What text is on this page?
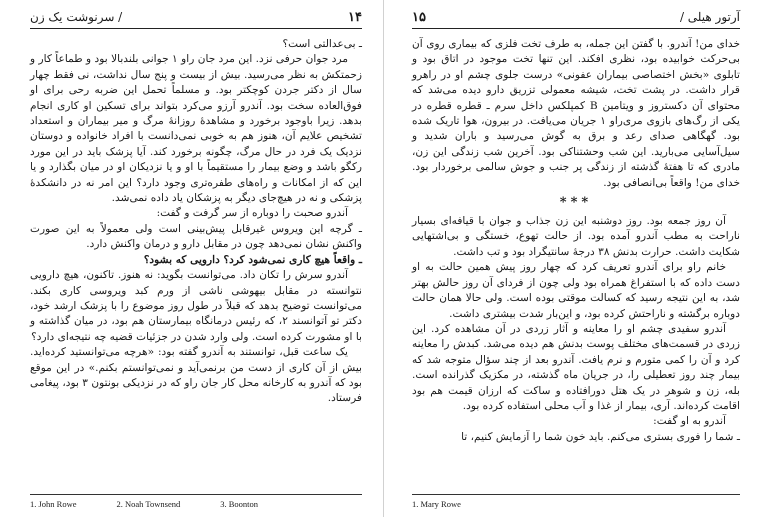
۱۴
/ سرنوشت یک زن

ـ بی‌عدالتی است؟

مرد جوان حرفی نزد. این مرد جان راو ۱ جوانی بلندبالا بود و طماعاً کار و زحمتکش به نظر می‌رسید. بیش از بیست و پنج سال نداشت، نی فقط چهار سال از دکتر جردن کوچکتر بود. و مسلماً تحمل این ضربه رحی برای او فوق‌العاده سخت بود. آندرو آرزو می‌کرد بتواند برای تسکین او کاری انجام بدهد. زیرا باوجود برخورد و مشاهدهٔ روزانهٔ مرگ و میر بیماران و استعداد تشخیص علایم آن، هنوز هم به خوبی نمی‌دانست با افراد خانواده و دوستان نزدیک یک فرد در حال مرگ، چگونه برخورد کند. آیا پزشک باید در این مورد رکگو باشد و وضع بیمار را مستقیماً با او و یا نزدیکان او در میان بگذارد و یا این که از امکانات و راه‌های طفره‌تری وجود دارد؟ این امر نه در دانشکدهٔ پزشکی و نه در هیچ‌جای دیگر به پزشکان یاد داده نمی‌شد.

آندرو صحبت را دوباره از سر گرفت و گفت:

ـ گرچه این ویروس غیرقابل پیش‌بینی است ولی معمولاً به این صورت واکنش نشان نمی‌دهد چون در مقابل دارو و درمان واکنش دارد.

ـ واقعاً هیچ کاری نمی‌شود کرد؟ دارویی که بشود؟

آندرو سرش را تکان داد. می‌توانست بگوید: نه هنوز. تاکنون، هیچ دارویی نتوانسته در مقابل بیهوشی ناشی از ورم کبد ویروسی کاری بکند. می‌توانست توضیح بدهد که قبلاً در طول روز موضوع را با پزشک ارشد خود، دکتر تو آتوانسند ۲، که رئیس درمانگاه بیمارستان هم بود، در میان گذاشته و با او مشورت کرده است. ولی وارد شدن در جزئیات قضیه چه نتیجه‌ای دارد؟

یک ساعت قبل، توانستند به آندرو گفته بود: «هرچه می‌توانستید کرده‌اید. بیش از آن کاری از دست من برنمی‌آید و نمی‌توانستم بکنم.» در این موقع بود که آندرو به کارخانه محل کار جان راو که در نزدیکی بونتون ۳ بود، پیغامی فرستاد.

1. John Rowe	2. Noah Townsend	3. Boonton
آرتور هیلی /
۱۵

خدای من! آندرو. با گفتن این جمله، به طرف تخت فلزی که بیماری روی آن بی‌حرکت خوابیده بود، نظری افکند. این تنها تخت موجود در اتاق بود و تابلوی «بخش اختصاصی بیماران عفونی» درست جلوی چشم او در راهرو قرار داشت. در پشت تخت، شیشه معمولی تزریق دارو دیده می‌شد که محتوای آن دکستروز و ویتامین B کمپلکس داخل سرم ـ قطره قطره در یکی از رگ‌های بازوی مری‌راو ۱ جریان می‌یافت. در بیرون، هوا تاریک شده بود. گهگاهی صدای رعد و برق به گوش می‌رسید و باران شدید و سیل‌آسایی می‌بارید. این شب وحشتناکی بود. آخرین شب زندگی این زن، مادری که تا هفتهٔ گذشته از زندگی پر جنب و جوش سالمی برخوردار بود. خدای من! واقعاً بی‌انصافی بود.

***

آن روز جمعه بود. روز دوشنبه این زن جذاب و جوان با قیافه‌ای بسیار ناراحت به مطب آندرو آمده بود. از حالت تهوع، خستگی و بی‌اشتهایی شکایت داشت. حرارت بدنش ۳۸ درجهٔ سانتیگراد بود و تب داشت.

خانم راو برای آندرو تعریف کرد که چهار روز پیش همین حالت به او دست داده که با استفراغ همراه بود ولی چون از فردای آن روز حالش بهتر شد، به این نتیجه رسید که کسالت موقتی بوده است. ولی حالا همان حالت دوباره برگشته و ناراحتش کرده بود، و این‌بار شدت بیشتری داشت.

آندرو سفیدی چشم او را معاینه و آثار زردی در آن مشاهده کرد. این زردی در قسمت‌های مختلف پوست بدنش هم دیده می‌شد. کبدش را معاینه کرد و آن را کمی متورم و نرم یافت. آندرو بعد از چند سؤال متوجه شد که بیمار چند روز تعطیلی را، در جریان ماه گذشته، در مکزیک گذرانده است. بله، زن و شوهر در یک هتل دورافتاده و ساکت که ارزان قیمت هم بود اقامت کرده‌اند. آری، بیمار از غذا و آب محلی استفاده کرده بود.

آندرو به او گفت:

ـ شما را فوری بستری می‌کنم. باید خون شما را آزمایش کنیم، تا

1. Mary Rowe
